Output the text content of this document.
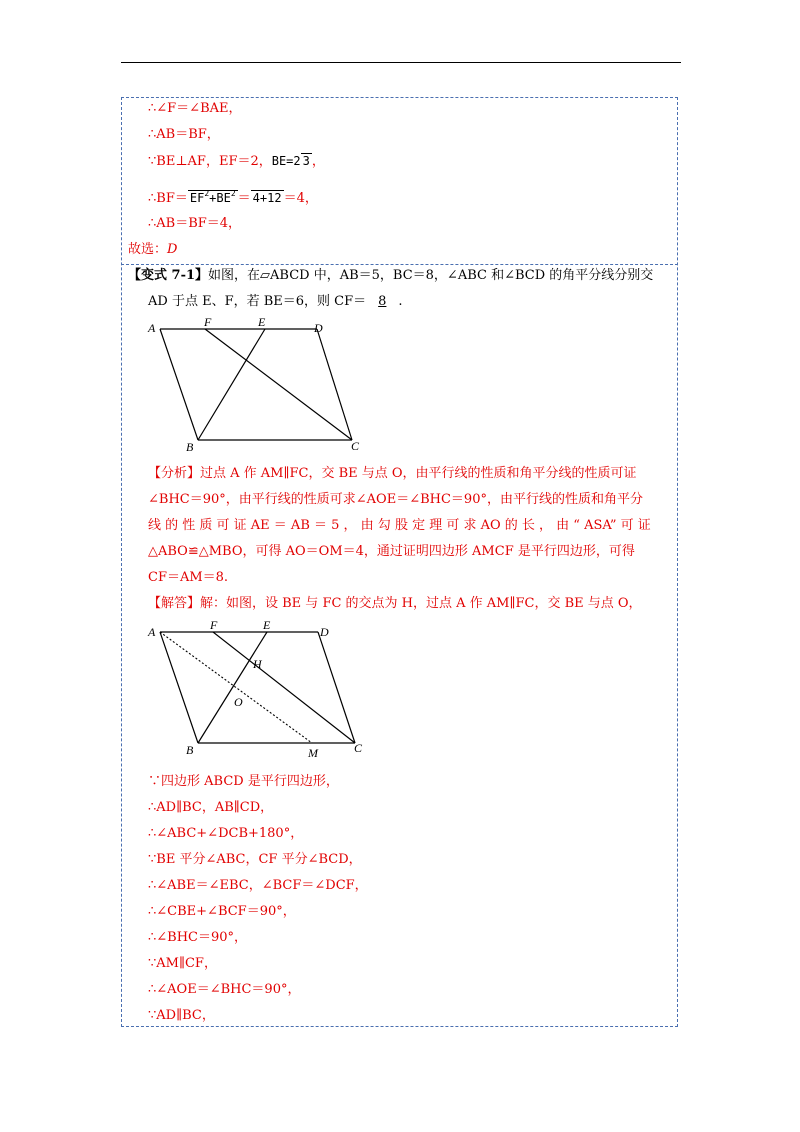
∴∠F＝∠BAE，
∴AB＝BF，
∵BE⊥AF，EF＝2，BE=2 3 ，
∴BF＝ $EF^2+BE^2 = 4+12 =4$，
∴AB＝BF＝4，
故选：D
【变式 7-1】如图，在▱ABCD 中，AB＝5，BC＝8，∠ABC 和∠BCD 的角平分线分别交
AD 于点 E、F，若 BE＝6，则 CF＝ 8 .
A	F	E	D
B	C
【分析】过点 A 作 AM∥FC，交 BE 与点 O，由平行线的性质和角平分线的性质可证
∠BHC＝90°，由平行线的性质可求∠AOE＝∠BHC＝90°，由平行线的性质和角平分
线 的 性 质 可 证 AE ＝ AB ＝ 5 ， 由 勾 股 定 理 可 求 AO 的 长 ， 由 “ ASA” 可 证
△ABO≌△MBO，可得 AO＝OM＝4，通过证明四边形 AMCF 是平行四边形，可得
CF＝AM＝8.
【解答】解：如图，设 BE 与 FC 的交点为 H，过点 A 作 AM∥FC，交 BE 与点 O，
A	F	E	D
H
O
B	M	C
∵四边形 ABCD 是平行四边形，
∴AD∥BC，AB∥CD，
∴∠ABC+∠DCB+180°，
∵BE 平分∠ABC，CF 平分∠BCD，
∴∠ABE＝∠EBC，∠BCF＝∠DCF，
∴∠CBE+∠BCF＝90°，
∴∠BHC＝90°，
∵AM∥CF，
∴∠AOE＝∠BHC＝90°，
∵AD∥BC，
